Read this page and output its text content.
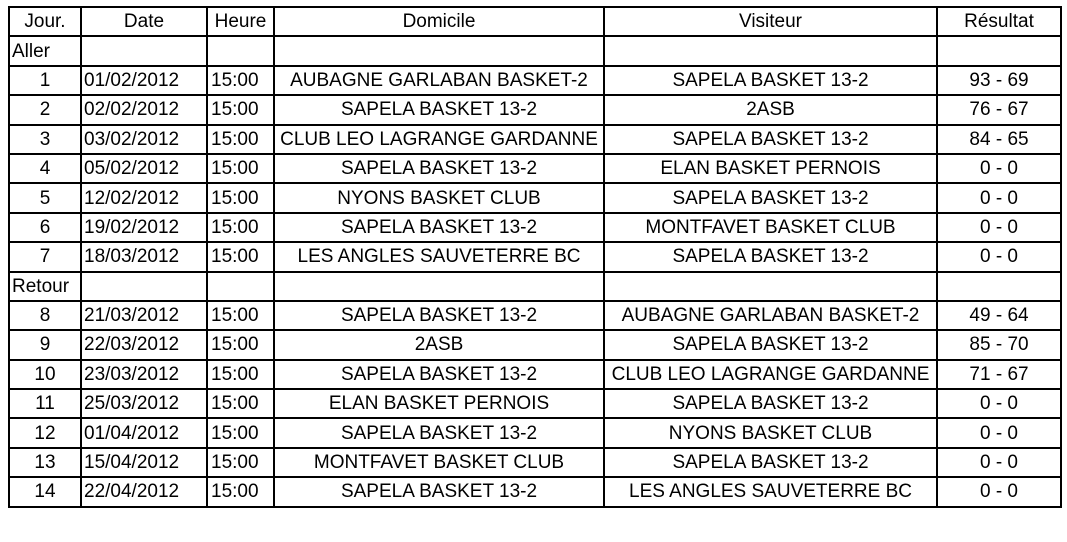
Jour.	Date	Heure	Domicile	Visiteur	Résultat
Aller					
1	01/02/2012	15:00	AUBAGNE GARLABAN BASKET-2	SAPELA BASKET 13-2	93 - 69
2	02/02/2012	15:00	SAPELA BASKET 13-2	2ASB	76 - 67
3	03/02/2012	15:00	CLUB LEO LAGRANGE GARDANNE	SAPELA BASKET 13-2	84 - 65
4	05/02/2012	15:00	SAPELA BASKET 13-2	ELAN BASKET PERNOIS	0 - 0
5	12/02/2012	15:00	NYONS BASKET CLUB	SAPELA BASKET 13-2	0 - 0
6	19/02/2012	15:00	SAPELA BASKET 13-2	MONTFAVET BASKET CLUB	0 - 0
7	18/03/2012	15:00	LES ANGLES SAUVETERRE BC	SAPELA BASKET 13-2	0 - 0
Retour					
8	21/03/2012	15:00	SAPELA BASKET 13-2	AUBAGNE GARLABAN BASKET-2	49 - 64
9	22/03/2012	15:00	2ASB	SAPELA BASKET 13-2	85 - 70
10	23/03/2012	15:00	SAPELA BASKET 13-2	CLUB LEO LAGRANGE GARDANNE	71 - 67
11	25/03/2012	15:00	ELAN BASKET PERNOIS	SAPELA BASKET 13-2	0 - 0
12	01/04/2012	15:00	SAPELA BASKET 13-2	NYONS BASKET CLUB	0 - 0
13	15/04/2012	15:00	MONTFAVET BASKET CLUB	SAPELA BASKET 13-2	0 - 0
14	22/04/2012	15:00	SAPELA BASKET 13-2	LES ANGLES SAUVETERRE BC	0 - 0
